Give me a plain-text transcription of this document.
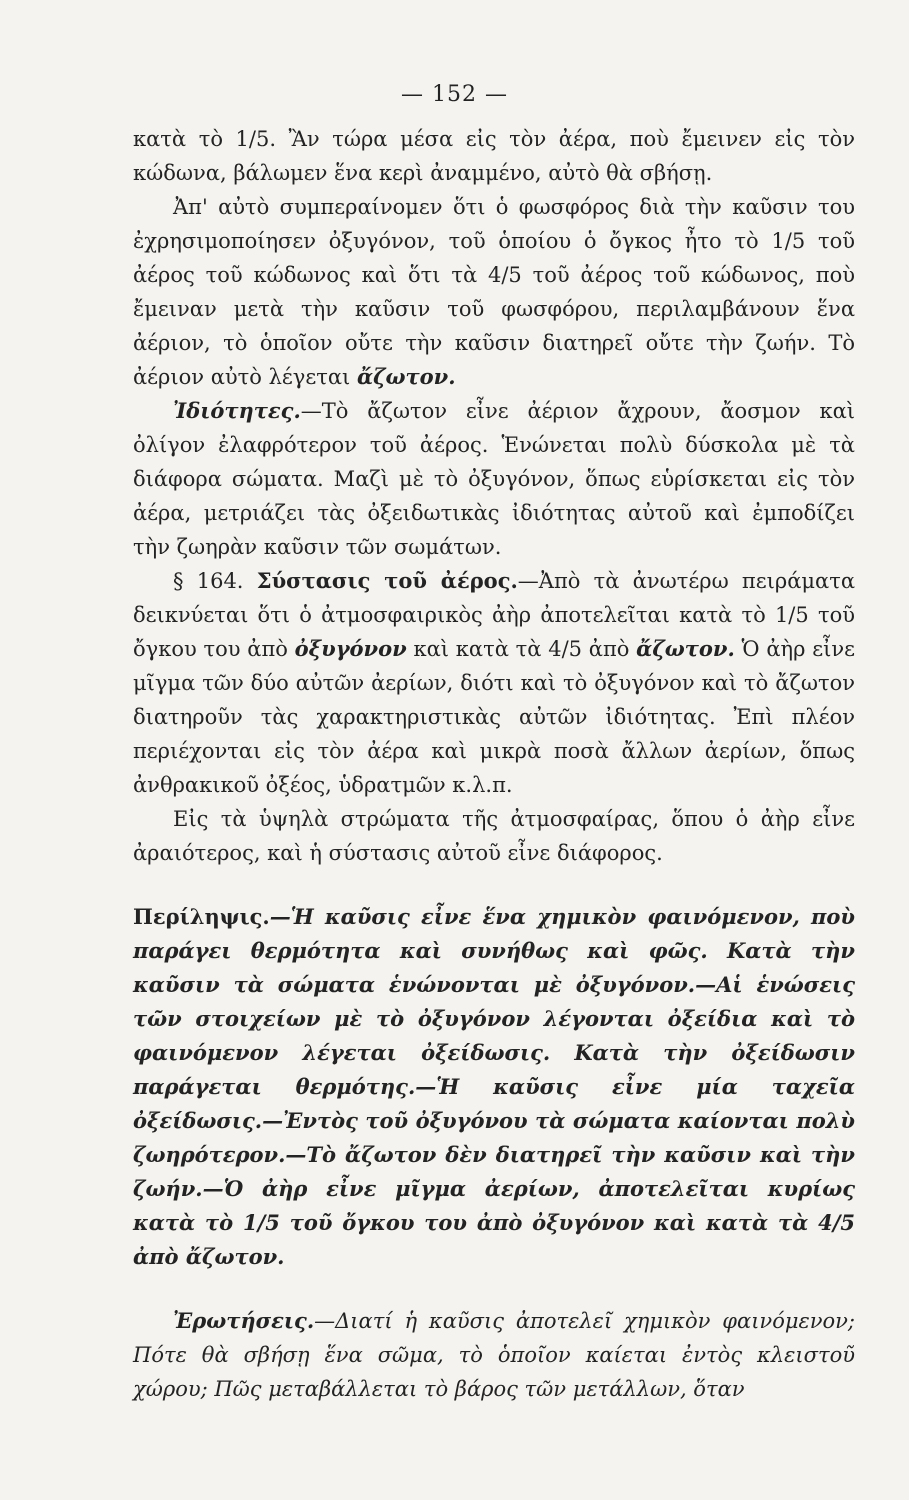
— 152 —

κατὰ τὸ 1/5. Ἂν τώρα μέσα εἰς τὸν ἀέρα, ποὺ ἔμεινεν εἰς τὸν κώδωνα, βάλωμεν ἕνα κερὶ ἀναμμένο, αὐτὸ θὰ σβήσῃ.

Ἀπ' αὐτὸ συμπεραίνομεν ὅτι ὁ φωσφόρος διὰ τὴν καῦσιν του ἐχρησιμοποίησεν ὀξυγόνον, τοῦ ὁποίου ὁ ὄγκος ἦτο τὸ 1/5 τοῦ ἀέρος τοῦ κώδωνος καὶ ὅτι τὰ 4/5 τοῦ ἀέρος τοῦ κώδωνος, ποὺ ἔμειναν μετὰ τὴν καῦσιν τοῦ φωσφόρου, περιλαμβάνουν ἕνα ἀέριον, τὸ ὁποῖον οὔτε τὴν καῦσιν διατηρεῖ οὔτε τὴν ζωήν. Τὸ ἀέριον αὐτὸ λέγεται ἄζωτον.

Ἰδιότητες.—Τὸ ἄζωτον εἶνε ἀέριον ἄχρουν, ἄοσμον καὶ ὀλίγον ἐλαφρότερον τοῦ ἀέρος. Ἑνώνεται πολὺ δύσκολα μὲ τὰ διάφορα σώματα. Μαζὶ μὲ τὸ ὀξυγόνον, ὅπως εὑρίσκεται εἰς τὸν ἀέρα, μετριάζει τὰς ὀξειδωτικὰς ἰδιότητας αὐτοῦ καὶ ἐμποδίζει τὴν ζωηρὰν καῦσιν τῶν σωμάτων.

§ 164. Σύστασις τοῦ ἀέρος.—Ἀπὸ τὰ ἀνωτέρω πειράματα δεικνύεται ὅτι ὁ ἀτμοσφαιρικὸς ἀὴρ ἀποτελεῖται κατὰ τὸ 1/5 τοῦ ὄγκου του ἀπὸ ὀξυγόνον καὶ κατὰ τὰ 4/5 ἀπὸ ἄζωτον. Ὁ ἀὴρ εἶνε μῖγμα τῶν δύο αὐτῶν ἀερίων, διότι καὶ τὸ ὀξυγόνον καὶ τὸ ἄζωτον διατηροῦν τὰς χαρακτηριστικὰς αὐτῶν ἰδιότητας. Ἐπὶ πλέον περιέχονται εἰς τὸν ἀέρα καὶ μικρὰ ποσὰ ἄλλων ἀερίων, ὅπως ἀνθρακικοῦ ὀξέος, ὑδρατμῶν κ.λ.π.

Εἰς τὰ ὑψηλὰ στρώματα τῆς ἀτμοσφαίρας, ὅπου ὁ ἀὴρ εἶνε ἀραιότερος, καὶ ἡ σύστασις αὐτοῦ εἶνε διάφορος.

Περίληψις.—Ἡ καῦσις εἶνε ἕνα χημικὸν φαινόμενον, ποὺ παράγει θερμότητα καὶ συνήθως καὶ φῶς. Κατὰ τὴν καῦσιν τὰ σώματα ἑνώνονται μὲ ὀξυγόνον.—Αἱ ἑνώσεις τῶν στοιχείων μὲ τὸ ὀξυγόνον λέγονται ὀξείδια καὶ τὸ φαινόμενον λέγεται ὀξείδωσις. Κατὰ τὴν ὀξείδωσιν παράγεται θερμότης.—Ἡ καῦσις εἶνε μία ταχεῖα ὀξείδωσις.—Ἐντὸς τοῦ ὀξυγόνου τὰ σώματα καίονται πολὺ ζωηρότερον.—Τὸ ἄζωτον δὲν διατηρεῖ τὴν καῦσιν καὶ τὴν ζωήν.—Ὁ ἀὴρ εἶνε μῖγμα ἀερίων, ἀποτελεῖται κυρίως κατὰ τὸ 1/5 τοῦ ὄγκου του ἀπὸ ὀξυγόνον καὶ κατὰ τὰ 4/5 ἀπὸ ἄζωτον.

Ἐρωτήσεις.—Διατί ἡ καῦσις ἀποτελεῖ χημικὸν φαινόμενον; Πότε θὰ σβήσῃ ἕνα σῶμα, τὸ ὁποῖον καίεται ἐντὸς κλειστοῦ χώρου; Πῶς μεταβάλλεται τὸ βάρος τῶν μετάλλων, ὅταν
